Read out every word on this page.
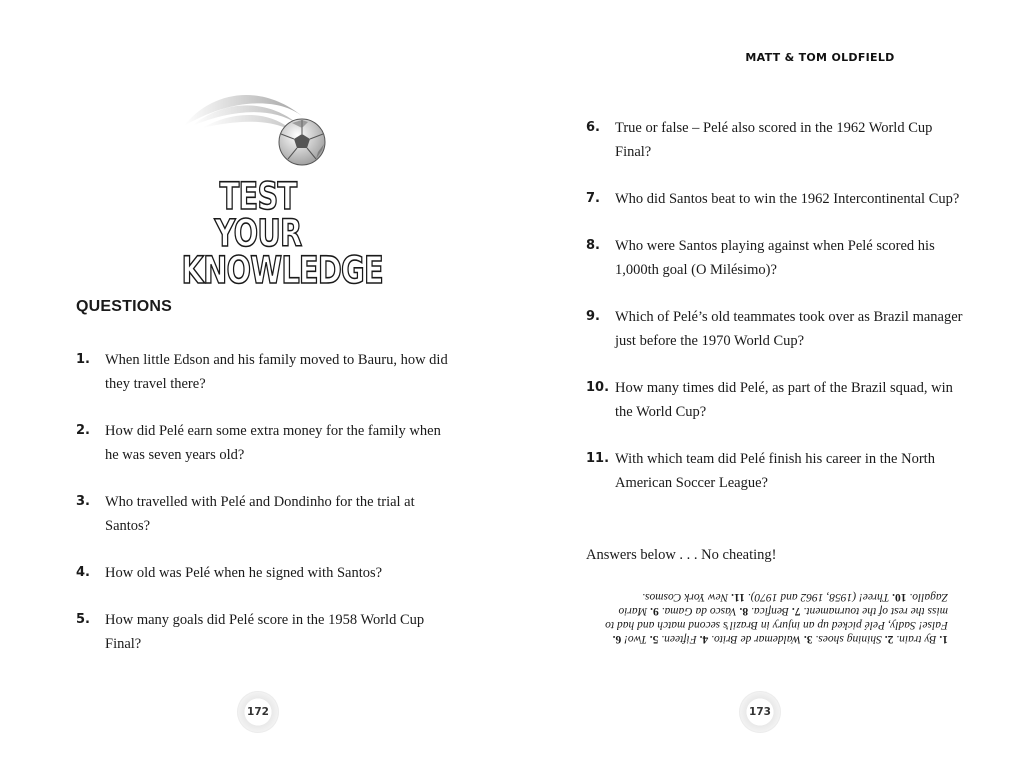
TEST YOUR
KNOWLEDGE
QUESTIONS
1. When little Edson and his family moved to Bauru, how did they travel there?
2. How did Pelé earn some extra money for the family when he was seven years old?
3. Who travelled with Pelé and Dondinho for the trial at Santos?
4. How old was Pelé when he signed with Santos?
5. How many goals did Pelé score in the 1958 World Cup Final?
172
MATT & TOM OLDFIELD
6. True or false – Pelé also scored in the 1962 World Cup Final?
7. Who did Santos beat to win the 1962 Intercontinental Cup?
8. Who were Santos playing against when Pelé scored his 1,000th goal (O Milésimo)?
9. Which of Pelé’s old teammates took over as Brazil manager just before the 1970 World Cup?
10. How many times did Pelé, as part of the Brazil squad, win the World Cup?
11. With which team did Pelé finish his career in the North American Soccer League?
Answers below . . . No cheating!
1. By train. 2. Shining shoes. 3. Waldemar de Brito. 4. Fifteen. 5. Two! 6. False! Sadly, Pelé picked up an injury in Brazil’s second match and had to miss the rest of the tournament. 7. Benfica. 8. Vasco da Gama. 9. Mario Zagallo. 10. Three! (1958, 1962 and 1970). 11. New York Cosmos.
173
